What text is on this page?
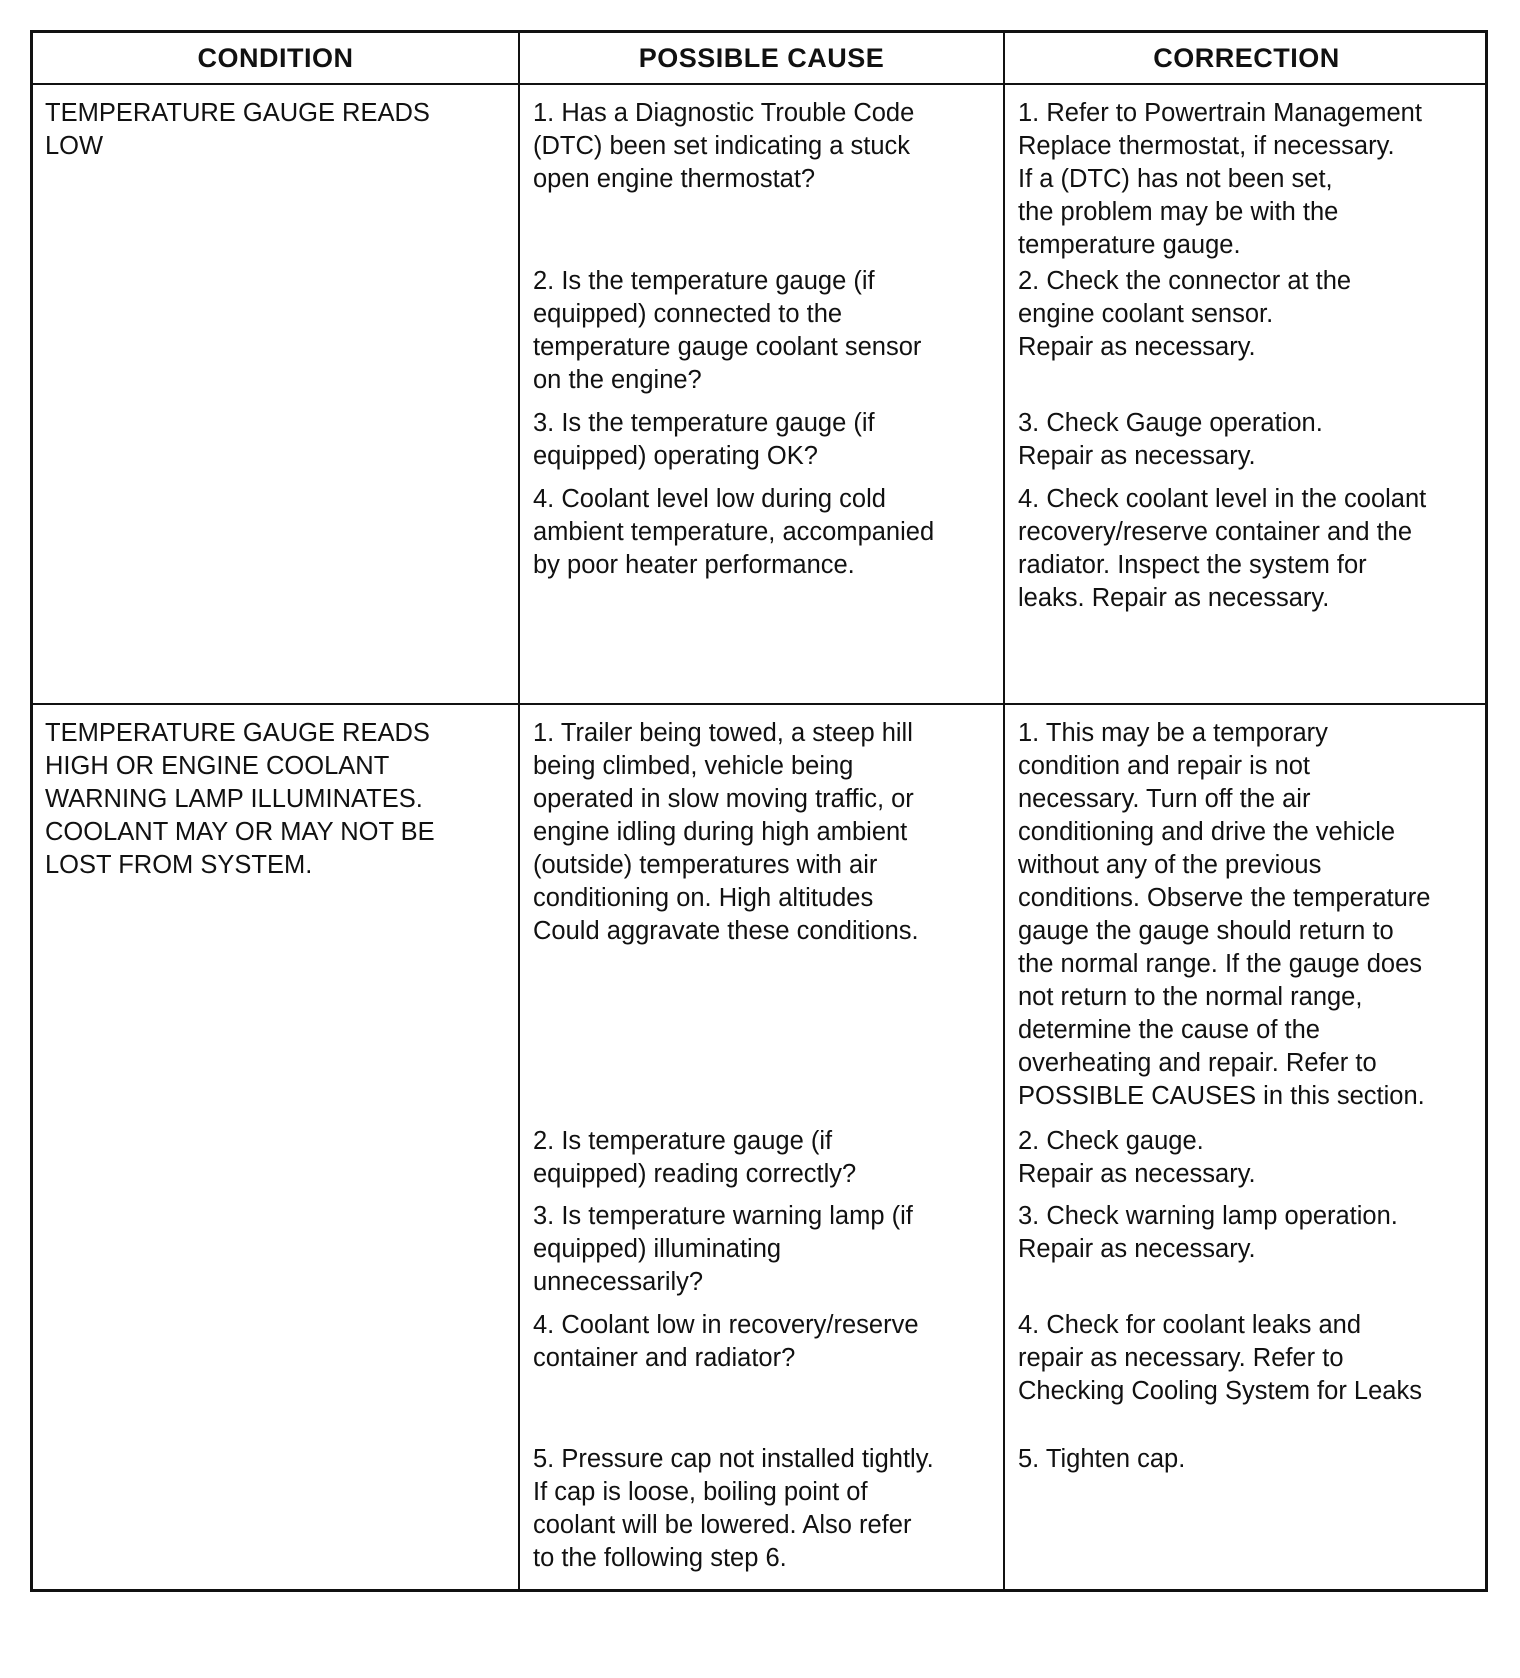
CONDITION	POSSIBLE CAUSE	CORRECTION
TEMPERATURE GAUGE READS
LOW
1. Has a Diagnostic Trouble Code
(DTC) been set indicating a stuck
open engine thermostat?
1. Refer to Powertrain Management
Replace thermostat, if necessary.
If a (DTC) has not been set,
the problem may be with the
temperature gauge.
2. Is the temperature gauge (if
equipped) connected to the
temperature gauge coolant sensor
on the engine?
2. Check the connector at the
engine coolant sensor.
Repair as necessary.
3. Is the temperature gauge (if
equipped) operating OK?
3. Check Gauge operation.
Repair as necessary.
4. Coolant level low during cold
ambient temperature, accompanied
by poor heater performance.
4. Check coolant level in the coolant
recovery/reserve container and the
radiator. Inspect the system for
leaks. Repair as necessary.
TEMPERATURE GAUGE READS
HIGH OR ENGINE COOLANT
WARNING LAMP ILLUMINATES.
COOLANT MAY OR MAY NOT BE
LOST FROM SYSTEM.
1. Trailer being towed, a steep hill
being climbed, vehicle being
operated in slow moving traffic, or
engine idling during high ambient
(outside) temperatures with air
conditioning on. High altitudes
Could aggravate these conditions.
1. This may be a temporary
condition and repair is not
necessary. Turn off the air
conditioning and drive the vehicle
without any of the previous
conditions. Observe the temperature
gauge the gauge should return to
the normal range. If the gauge does
not return to the normal range,
determine the cause of the
overheating and repair. Refer to
POSSIBLE CAUSES in this section.
2. Is temperature gauge (if
equipped) reading correctly?
2. Check gauge.
Repair as necessary.
3. Is temperature warning lamp (if
equipped) illuminating
unnecessarily?
3. Check warning lamp operation.
Repair as necessary.
4. Coolant low in recovery/reserve
container and radiator?
4. Check for coolant leaks and
repair as necessary. Refer to
Checking Cooling System for Leaks
5. Pressure cap not installed tightly.
If cap is loose, boiling point of
coolant will be lowered. Also refer
to the following step 6.
5. Tighten cap.
